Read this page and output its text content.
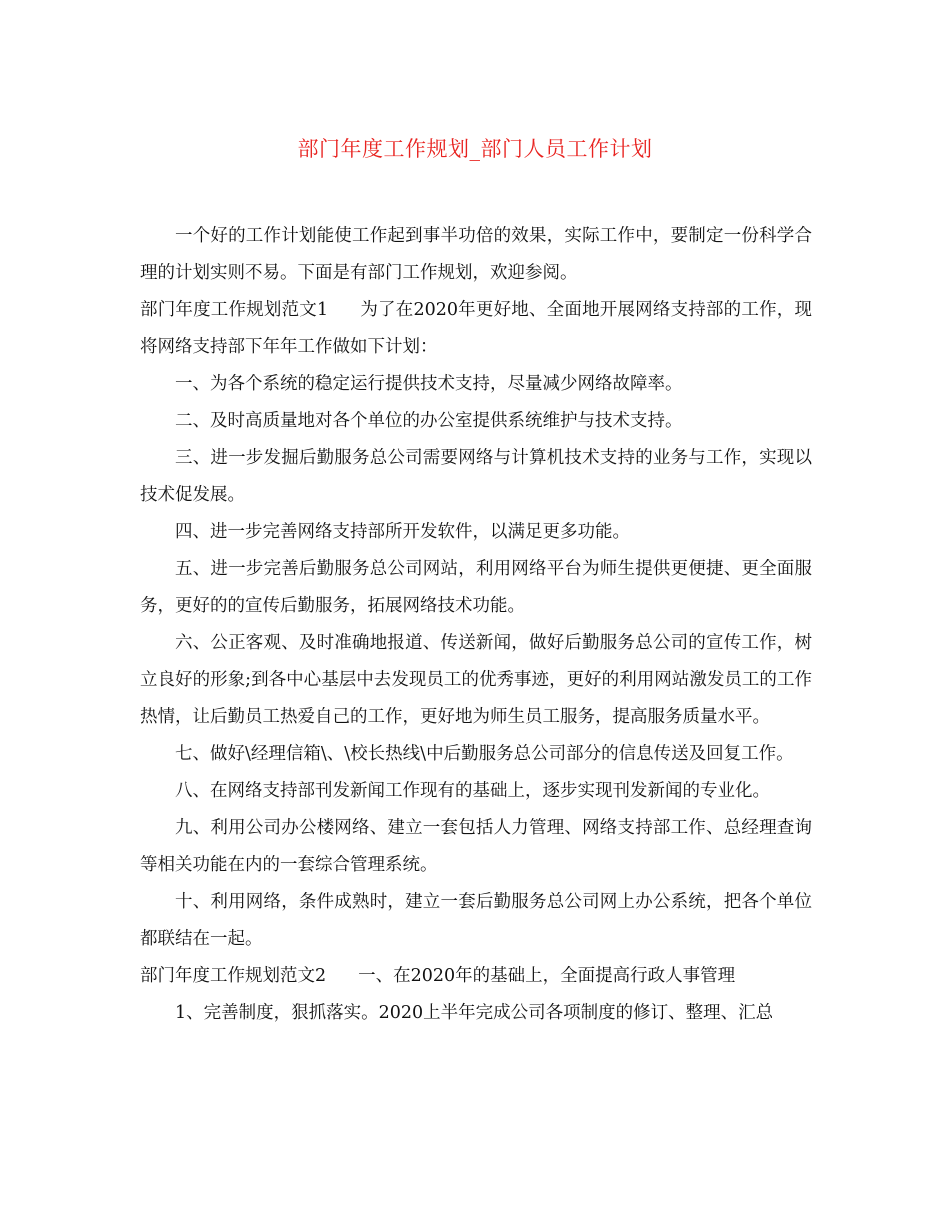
部门年度工作规划_部门人员工作计划

一个好的工作计划能使工作起到事半功倍的效果，实际工作中，要制定一份科学合理的计划实则不易。下面是有部门工作规划，欢迎参阅。

部门年度工作规划范文1 为了在2020年更好地、全面地开展网络支持部的工作，现将网络支持部下年年工作做如下计划：

一、为各个系统的稳定运行提供技术支持，尽量减少网络故障率。

二、及时高质量地对各个单位的办公室提供系统维护与技术支持。

三、进一步发掘后勤服务总公司需要网络与计算机技术支持的业务与工作，实现以技术促发展。

四、进一步完善网络支持部所开发软件，以满足更多功能。

五、进一步完善后勤服务总公司网站，利用网络平台为师生提供更便捷、更全面服务，更好的的宣传后勤服务，拓展网络技术功能。

六、公正客观、及时准确地报道、传送新闻，做好后勤服务总公司的宣传工作，树立良好的形象;到各中心基层中去发现员工的优秀事迹，更好的利用网站激发员工的工作热情，让后勤员工热爱自己的工作，更好地为师生员工服务，提高服务质量水平。

七、做好\经理信箱\、\校长热线\中后勤服务总公司部分的信息传送及回复工作。

八、在网络支持部刊发新闻工作现有的基础上，逐步实现刊发新闻的专业化。

九、利用公司办公楼网络、建立一套包括人力管理、网络支持部工作、总经理查询等相关功能在内的一套综合管理系统。

十、利用网络，条件成熟时，建立一套后勤服务总公司网上办公系统，把各个单位都联结在一起。

部门年度工作规划范文2 一、在2020年的基础上，全面提高行政人事管理

1、完善制度，狠抓落实。2020上半年完成公司各项制度的修订、整理、汇总
